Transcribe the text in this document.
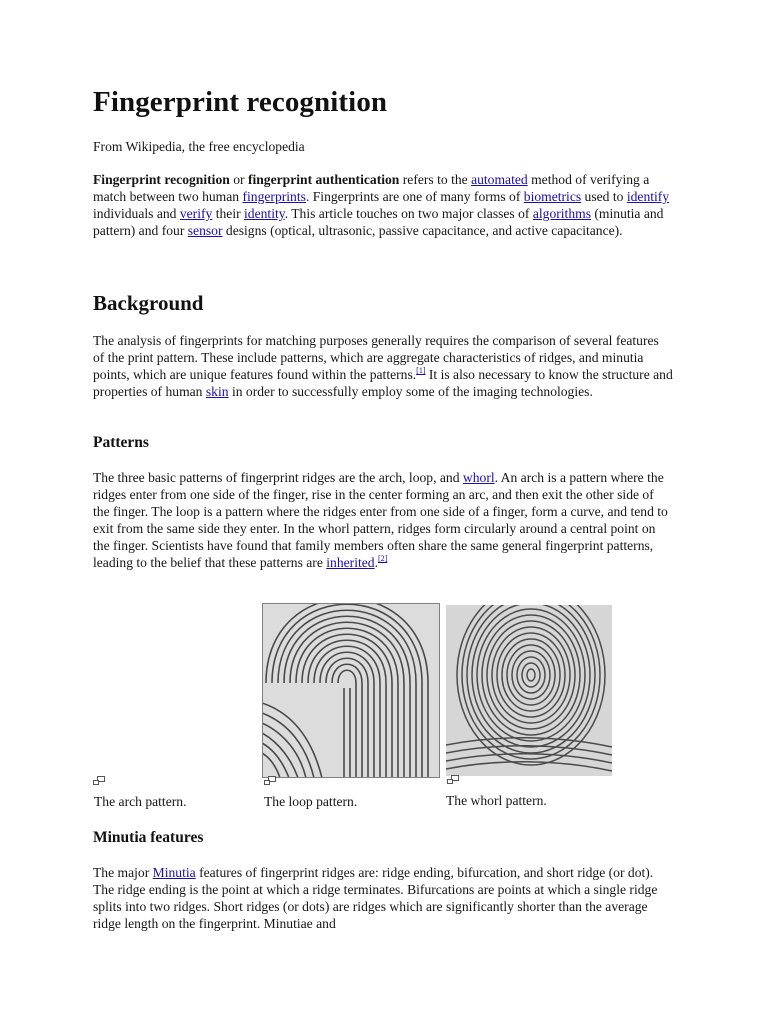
Fingerprint recognition

From Wikipedia, the free encyclopedia

Fingerprint recognition or fingerprint authentication refers to the automated method of verifying a match between two human fingerprints. Fingerprints are one of many forms of biometrics used to identify individuals and verify their identity. This article touches on two major classes of algorithms (minutia and pattern) and four sensor designs (optical, ultrasonic, passive capacitance, and active capacitance).

Background

The analysis of fingerprints for matching purposes generally requires the comparison of several features of the print pattern. These include patterns, which are aggregate characteristics of ridges, and minutia points, which are unique features found within the patterns.[1] It is also necessary to know the structure and properties of human skin in order to successfully employ some of the imaging technologies.

Patterns

The three basic patterns of fingerprint ridges are the arch, loop, and whorl. An arch is a pattern where the ridges enter from one side of the finger, rise in the center forming an arc, and then exit the other side of the finger. The loop is a pattern where the ridges enter from one side of a finger, form a curve, and tend to exit from the same side they enter. In the whorl pattern, ridges form circularly around a central point on the finger. Scientists have found that family members often share the same general fingerprint patterns, leading to the belief that these patterns are inherited.[2]

The arch pattern.	The loop pattern.	The whorl pattern.
Minutia features

The major Minutia features of fingerprint ridges are: ridge ending, bifurcation, and short ridge (or dot). The ridge ending is the point at which a ridge terminates. Bifurcations are points at which a single ridge splits into two ridges. Short ridges (or dots) are ridges which are significantly shorter than the average ridge length on the fingerprint. Minutiae and
